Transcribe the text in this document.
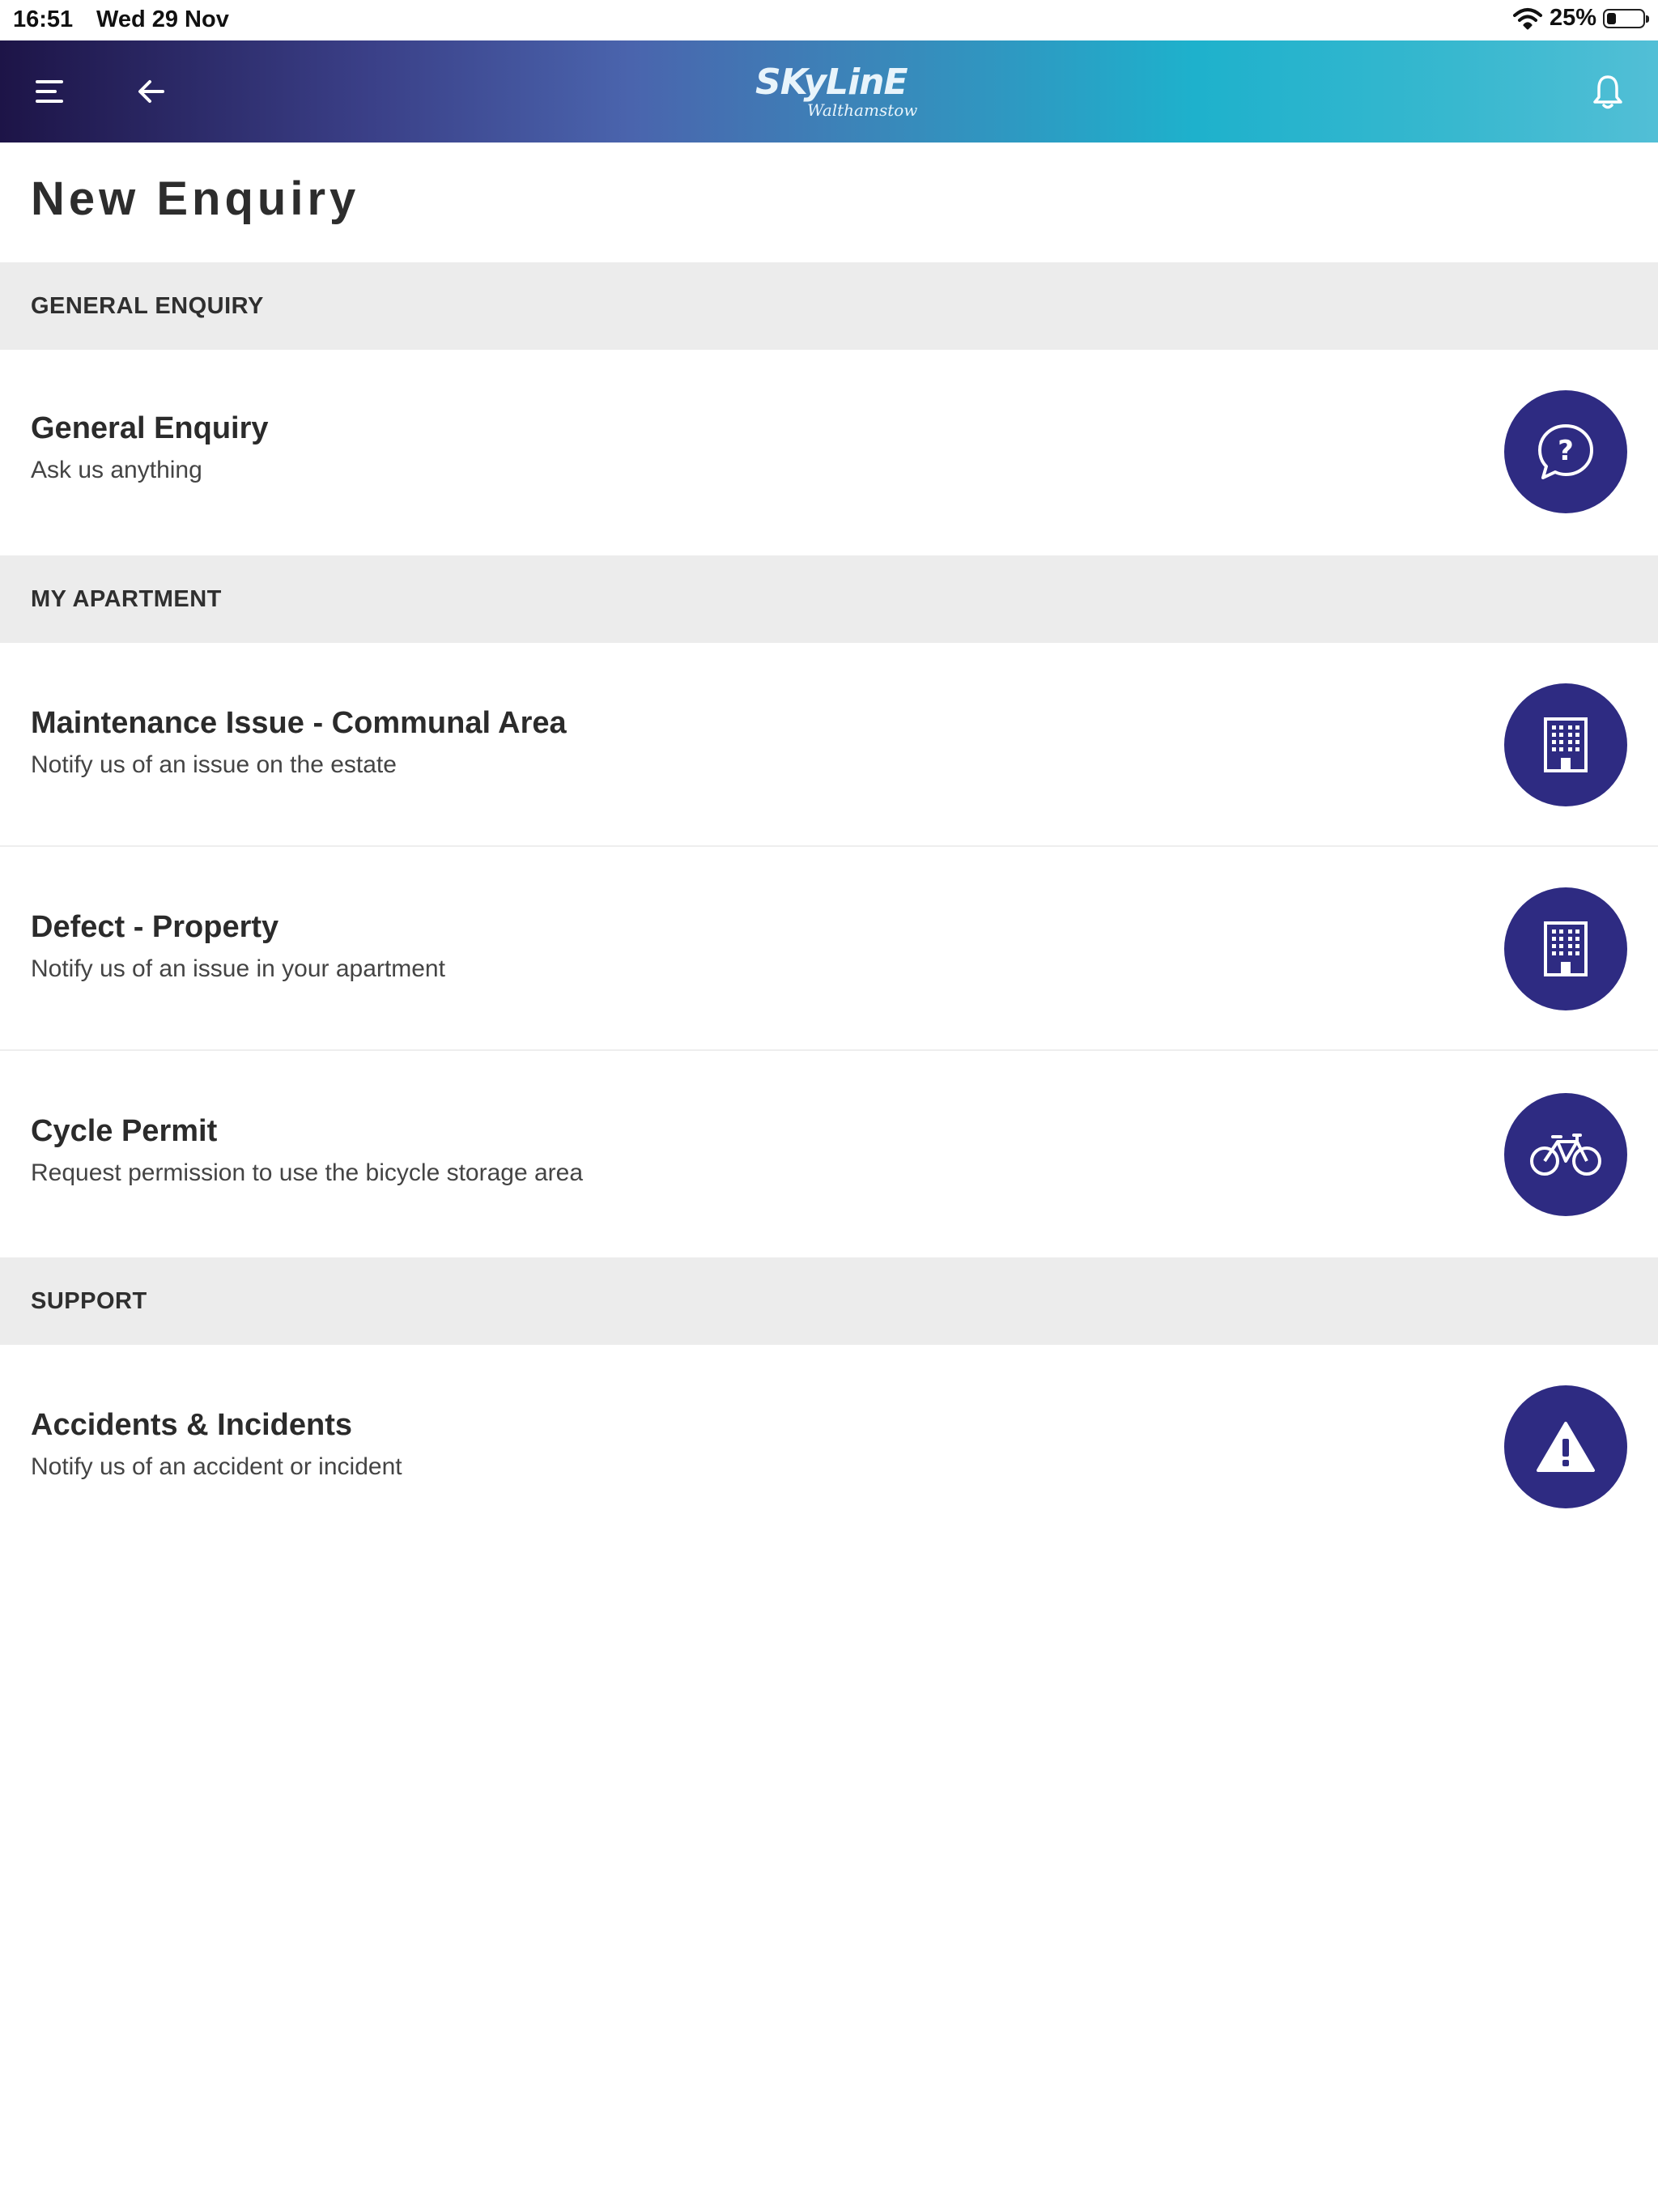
16:51 Wed 29 Nov	25%
SKyLinE
Walthamstow
New Enquiry
GENERAL ENQUIRY
General Enquiry
Ask us anything
?
MY APARTMENT
Maintenance Issue - Communal Area
Notify us of an issue on the estate
Defect - Property
Notify us of an issue in your apartment
Cycle Permit
Request permission to use the bicycle storage area
SUPPORT
Accidents & Incidents
Notify us of an accident or incident
